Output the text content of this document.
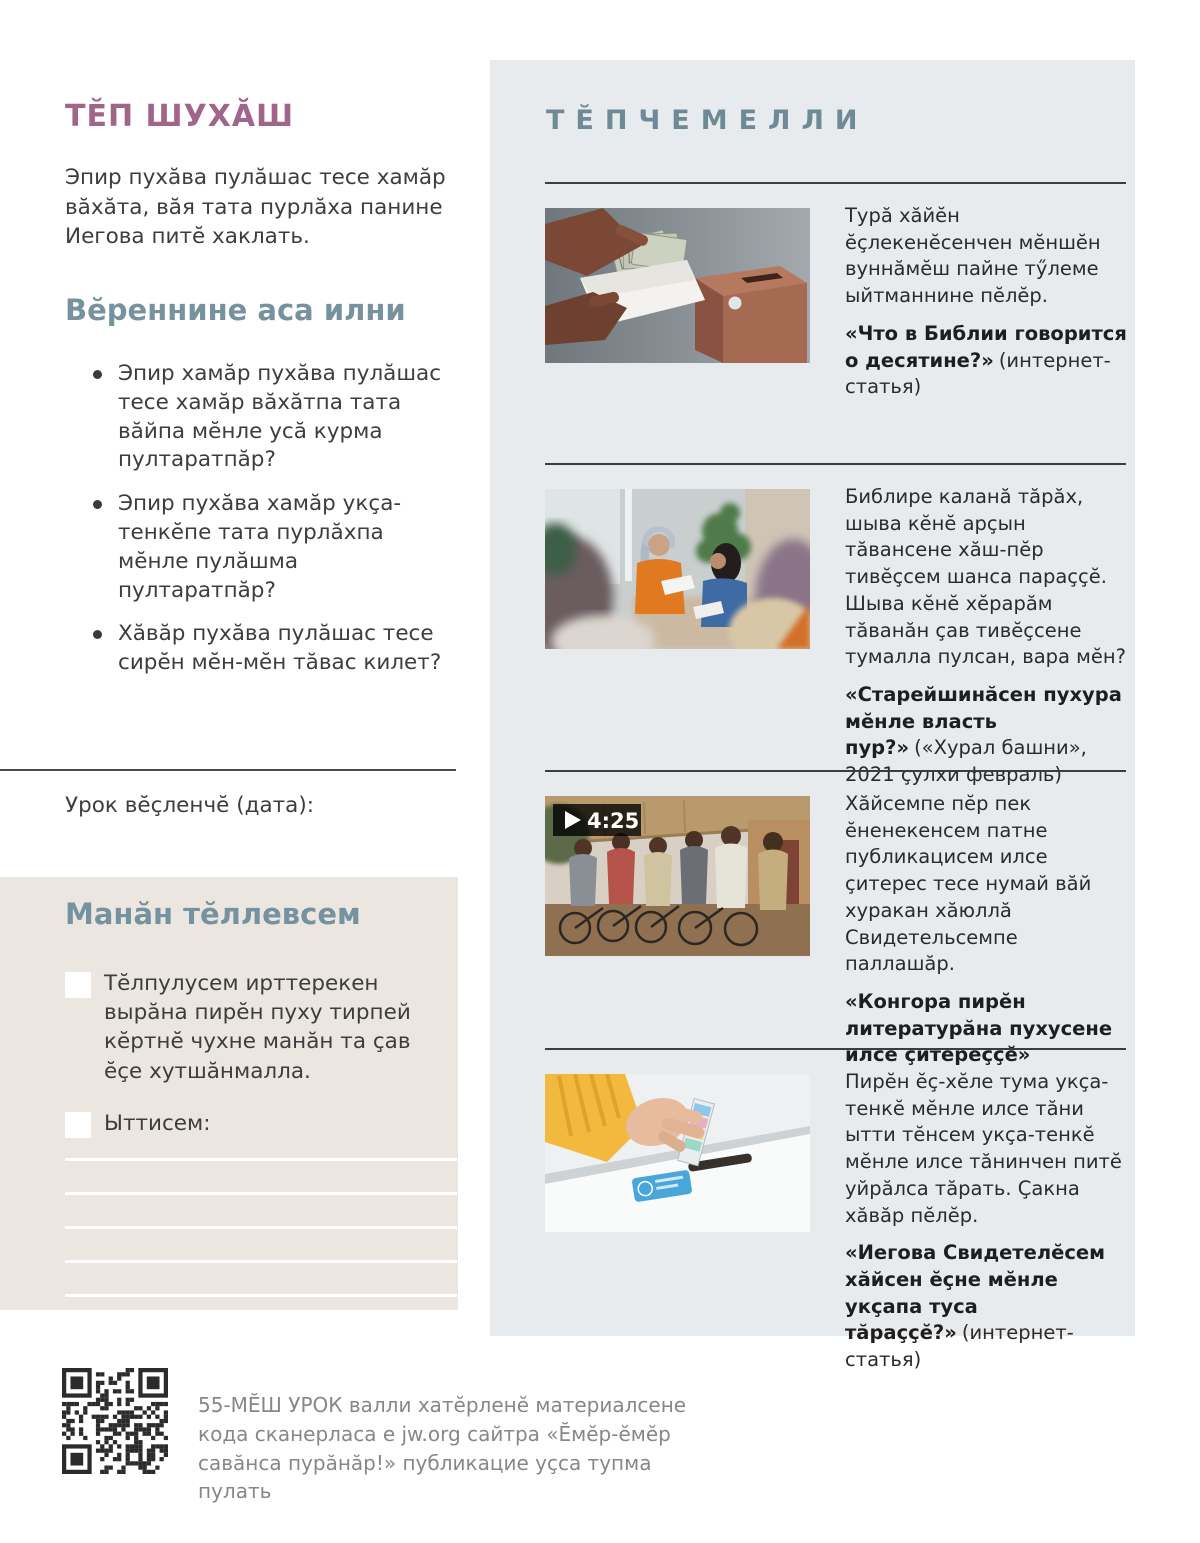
ТĔП ШУХĂШ

Эпир пухăва пулăшас тесе хамăр вăхăта, вăя тата пурлăха панине Иегова питĕ хаклать.

Вĕреннине аса илни
Эпир хамăр пухăва пулăшас тесе хамăр вăхăтпа тата вăйпа мĕнле усă курма пултаратпăр?
Эпир пухăва хамăр укçа-тенкĕпе тата пурлăхпа мĕнле пулăшма пултаратпăр?
Хăвăр пухăва пулăшас тесе сирĕн мĕн-мĕн тăвас килет?

Урок вĕçленчĕ (дата):

Манăн тĕллевсем

Тĕлпулусем ирттерекен вырăна пирĕн пуху тирпей кĕртнĕ чухне манăн та çав ĕçе хутшăнмалла.

Ыттисем:

ТĔПЧЕМЕЛЛИ

Турă хăйĕн ĕçлекенĕсенчен мĕншĕн вуннăмĕш пайне тӳлеме ыйтманнине пĕлĕр.

«Что в Библии говорится о десятине?» (интернет-статья)

Библире каланă тăрăх, шыва кĕнĕ арçын тăвансене хăш-пĕр тивĕçсем шанса параççĕ. Шыва кĕнĕ хĕрарăм тăванăн çав тивĕçсене тумалла пулсан, вара мĕн?

«Старейшинăсен пухура мĕнле власть пур?» («Хурал башни», 2021 çулхи февраль)

4:25

Хăйсемпе пĕр пек ĕненекенсем патне публикацисем илсе çитерес тесе нумай вăй хуракан хăюллă Свидетельсемпе паллашăр.

«Конгора пирĕн литературăна пухусене илсе çитереççĕ»

Пирĕн ĕç-хĕле тума укçа-тенкĕ мĕнле илсе тăни ытти тĕнсем укçа-тенкĕ мĕнле илсе тăнинчен питĕ уйрăлса тăрать. Çакна хăвăр пĕлĕр.

«Иегова Свидетелĕсем хăйсен ĕçне мĕнле укçапа туса тăраççĕ?» (интернет-статья)

55-МĔШ УРОК валли хатĕрленĕ материалсене кода сканерласа е jw.org сайтра «Ĕмĕр-ĕмĕр савăнса пурăнăр!» публикацие уçса тупма пулать
